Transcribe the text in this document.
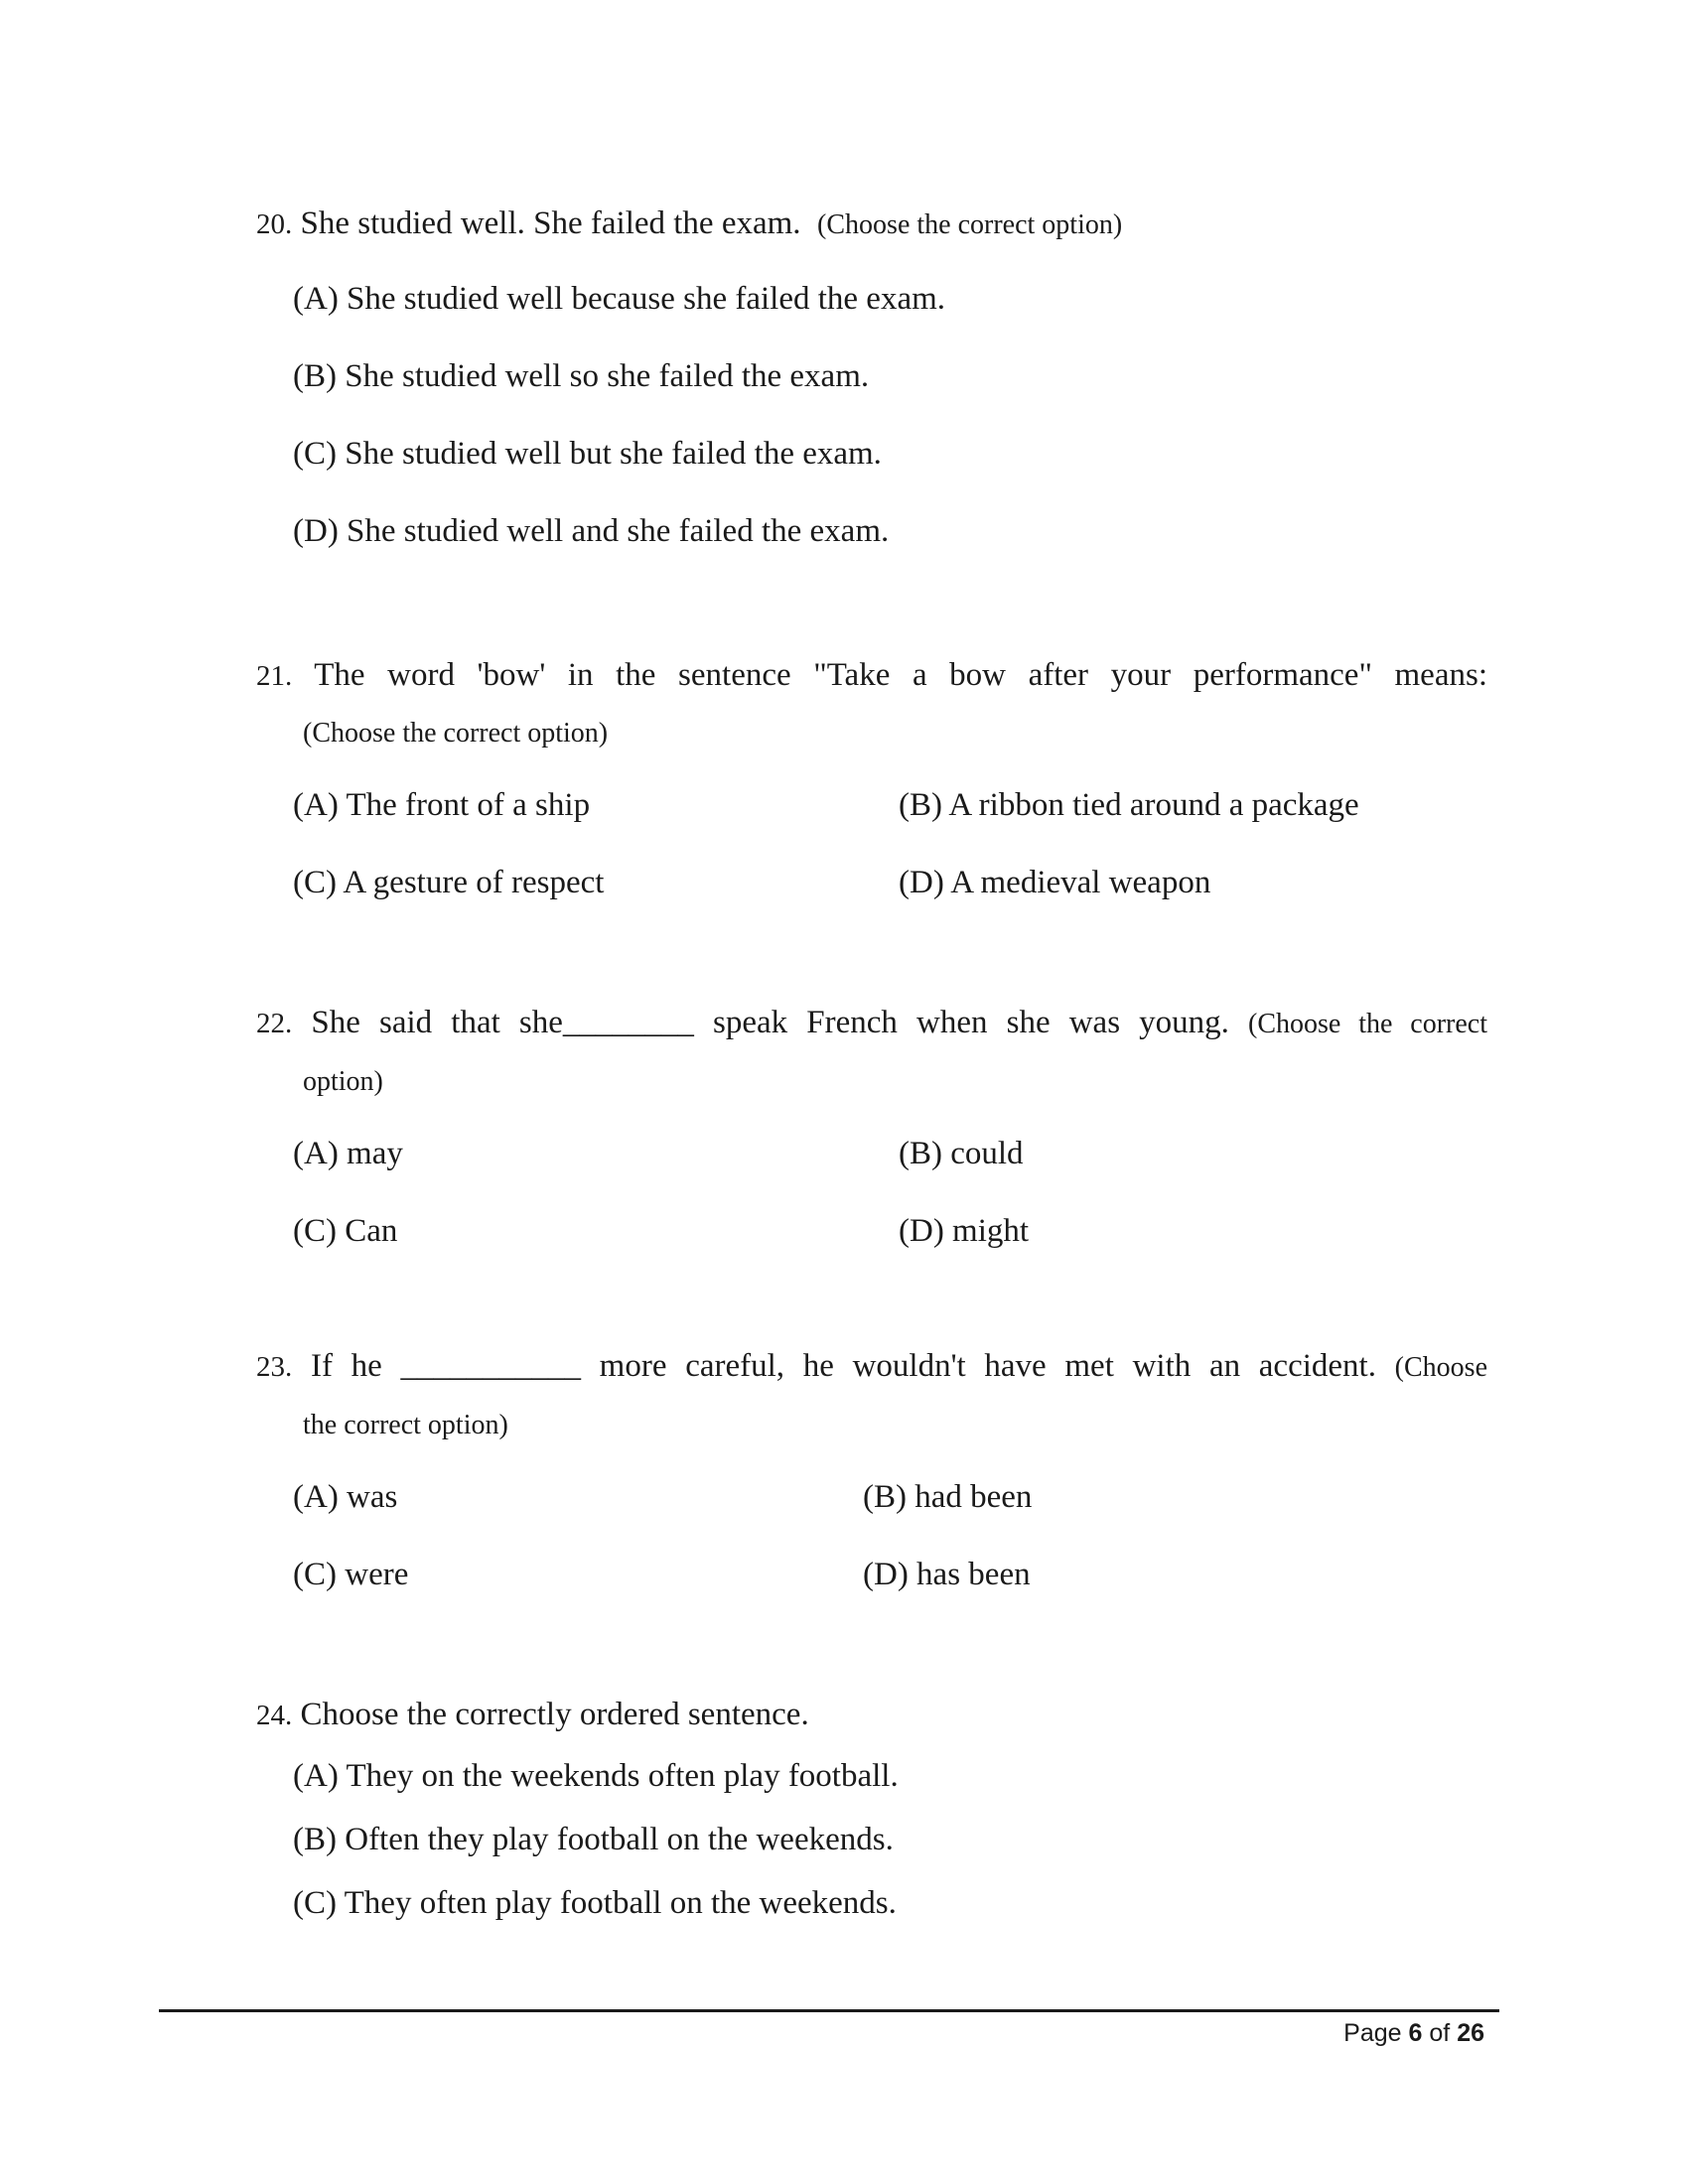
20. She studied well. She failed the exam. (Choose the correct option)

(A) She studied well because she failed the exam.
(B) She studied well so she failed the exam.
(C) She studied well but she failed the exam.
(D) She studied well and she failed the exam.

21. The word 'bow' in the sentence "Take a bow after your performance" means:

(Choose the correct option)

(A) The front of a ship	(B) A ribbon tied around a package
(C) A gesture of respect	(D) A medieval weapon

22. She said that she________ speak French when she was young. (Choose the correct

option)

(A) may	(B) could
(C) Can	(D) might

23. If he ___________ more careful, he wouldn't have met with an accident. (Choose

the correct option)

(A) was	(B) had been
(C) were	(D) has been

24. Choose the correctly ordered sentence.

(A) They on the weekends often play football.
(B) Often they play football on the weekends.
(C) They often play football on the weekends.
Page 6 of 26
